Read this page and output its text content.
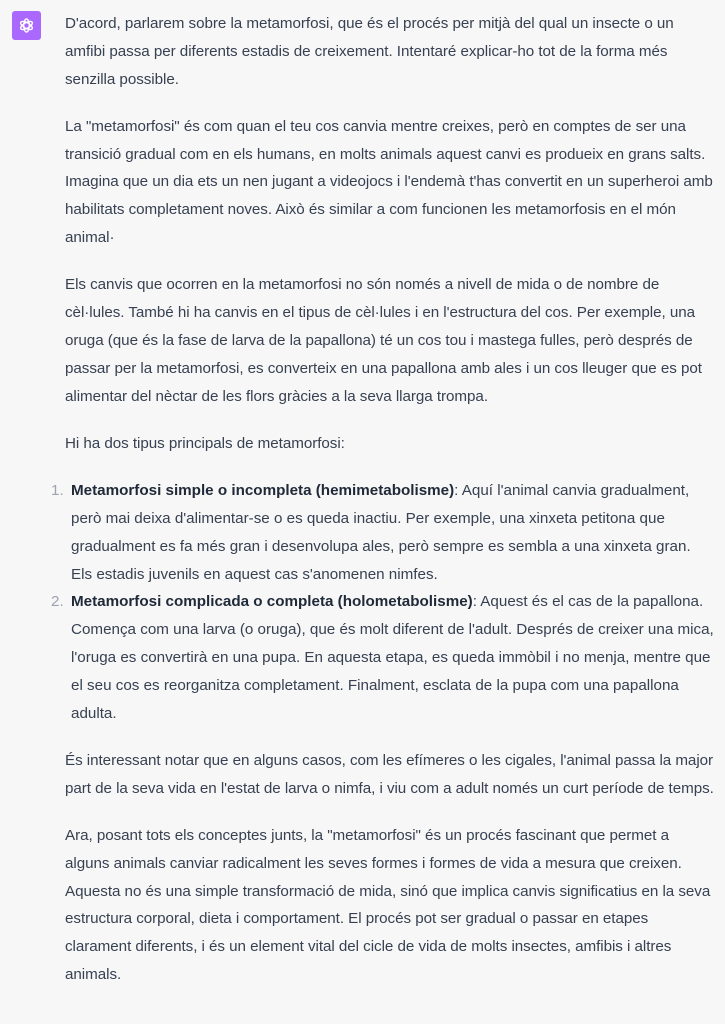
D'acord, parlarem sobre la metamorfosi, que és el procés per mitjà del qual un insecte o un amfibi passa per diferents estadis de creixement. Intentaré explicar-ho tot de la forma més senzilla possible.

La "metamorfosi" és com quan el teu cos canvia mentre creixes, però en comptes de ser una transició gradual com en els humans, en molts animals aquest canvi es produeix en grans salts. Imagina que un dia ets un nen jugant a videojocs i l'endemà t'has convertit en un superheroi amb habilitats completament noves. Això és similar a com funcionen les metamorfosis en el món animal·

Els canvis que ocorren en la metamorfosi no són només a nivell de mida o de nombre de cèl·lules. També hi ha canvis en el tipus de cèl·lules i en l'estructura del cos. Per exemple, una oruga (que és la fase de larva de la papallona) té un cos tou i mastega fulles, però després de passar per la metamorfosi, es converteix en una papallona amb ales i un cos lleuger que es pot alimentar del nèctar de les flors gràcies a la seva llarga trompa.

Hi ha dos tipus principals de metamorfosi:

1. Metamorfosi simple o incompleta (hemimetabolisme): Aquí l'animal canvia gradualment, però mai deixa d'alimentar-se o es queda inactiu. Per exemple, una xinxeta petitona que gradualment es fa més gran i desenvolupa ales, però sempre es sembla a una xinxeta gran. Els estadis juvenils en aquest cas s'anomenen nimfes.
2. Metamorfosi complicada o completa (holometabolisme): Aquest és el cas de la papallona. Comença com una larva (o oruga), que és molt diferent de l'adult. Després de creixer una mica, l'oruga es convertirà en una pupa. En aquesta etapa, es queda immòbil i no menja, mentre que el seu cos es reorganitza completament. Finalment, esclata de la pupa com una papallona adulta.

És interessant notar que en alguns casos, com les efímeres o les cigales, l'animal passa la major part de la seva vida en l'estat de larva o nimfa, i viu com a adult només un curt període de temps.

Ara, posant tots els conceptes junts, la "metamorfosi" és un procés fascinant que permet a alguns animals canviar radicalment les seves formes i formes de vida a mesura que creixen. Aquesta no és una simple transformació de mida, sinó que implica canvis significatius en la seva estructura corporal, dieta i comportament. El procés pot ser gradual o passar en etapes clarament diferents, i és un element vital del cicle de vida de molts insectes, amfibis i altres animals.
